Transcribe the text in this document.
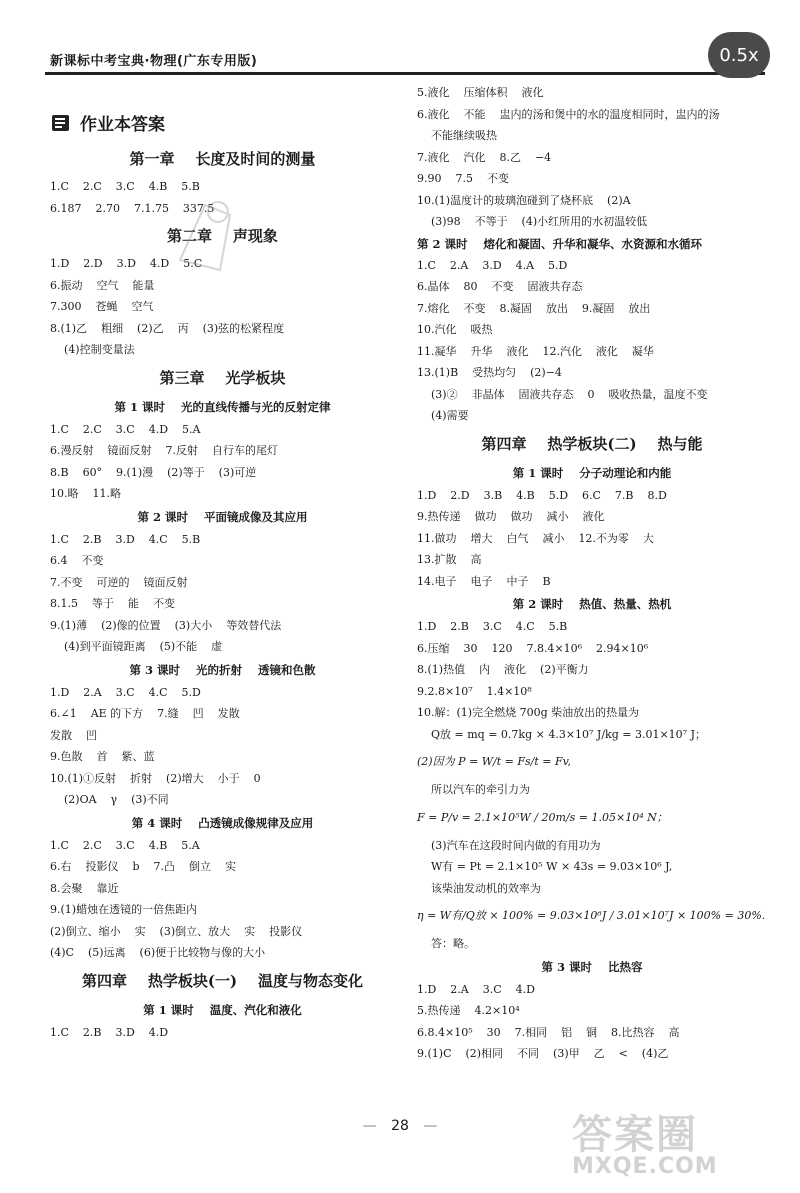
新课标中考宝典·物理(广东专用版)	0.5x
作业本答案
第一章    长度及时间的测量
1.C    2.C    3.C    4.B    5.B
6.187    2.70    7.1.75    337.5
第二章    声现象
1.D    2.D    3.D    4.D    5.C
6.振动    空气    能量
7.300    苍蝇    空气
8.(1)乙    粗细    (2)乙    丙    (3)弦的松紧程度
(4)控制变量法
第三章    光学板块
第 1 课时    光的直线传播与光的反射定律
1.C    2.C    3.C    4.D    5.A
6.漫反射    镜面反射    7.反射    自行车的尾灯
8.B    60°    9.(1)漫    (2)等于    (3)可逆
10.略    11.略
第 2 课时    平面镜成像及其应用
1.C    2.B    3.D    4.C    5.B
6.4    不变
7.不变    可逆的    镜面反射
8.1.5    等于    能    不变
9.(1)薄    (2)像的位置    (3)大小    等效替代法
(4)到平面镜距离    (5)不能    虚
第 3 课时    光的折射    透镜和色散
1.D    2.A    3.C    4.C    5.D
6.∠1    AE 的下方    7.缝    凹    发散
发散    凹
9.色散    首    紫、蓝
10.(1)①反射    折射    (2)增大    小于    0
(2)OA    γ    (3)不同
第 4 课时    凸透镜成像规律及应用
1.C    2.C    3.C    4.B    5.A
6.右    投影仪    b    7.凸    倒立    实
8.会聚    靠近
9.(1)蜡烛在透镜的一倍焦距内
(2)倒立、缩小    实    (3)倒立、放大    实    投影仪
(4)C    (5)远离    (6)便于比较物与像的大小
第四章    热学板块(一)    温度与物态变化
第 1 课时    温度、汽化和液化
1.C    2.B    3.D    4.D
5.液化    压缩体积    液化
6.液化    不能    盅内的汤和煲中的水的温度相同时，盅内的汤
不能继续吸热
7.液化    汽化    8.乙    −4
9.90    7.5    不变
10.(1)温度计的玻璃泡碰到了烧杯底    (2)A
(3)98    不等于    (4)小红所用的水初温较低
第 2 课时    熔化和凝固、升华和凝华、水资源和水循环
1.C    2.A    3.D    4.A    5.D
6.晶体    80    不变    固液共存态
7.熔化    不变    8.凝固    放出    9.凝固    放出
10.汽化    吸热
11.凝华    升华    液化    12.汽化    液化    凝华
13.(1)B    受热均匀    (2)−4
(3)②    非晶体    固液共存态    0    吸收热量，温度不变
(4)需要
第四章    热学板块(二)    热与能
第 1 课时    分子动理论和内能
1.D    2.D    3.B    4.B    5.D    6.C    7.B    8.D
9.热传递    做功    做功    减小    液化
11.做功    增大    白气    减小    12.不为零    大
13.扩散    高
14.电子    电子    中子    B
第 2 课时    热值、热量、热机
1.D    2.B    3.C    4.C    5.B
6.压缩    30    120    7.8.4×10⁶    2.94×10⁶
8.(1)热值    内    液化    (2)平衡力
9.2.8×10⁷    1.4×10⁸
10.解：(1)完全燃烧 700g 柴油放出的热量为
Q放 = mq = 0.7kg × 4.3×10⁷ J/kg = 3.01×10⁷ J；
(2)因为 P = W/t = Fs/t = Fv,
所以汽车的牵引力为
F = P/v = 2.1×10⁵W / 20m/s = 1.05×10⁴ N；
(3)汽车在这段时间内做的有用功为
W有 = Pt = 2.1×10⁵ W × 43s = 9.03×10⁶ J,
该柴油发动机的效率为
η = W有/Q放 × 100% = 9.03×10⁶J / 3.01×10⁷J × 100% = 30%.
答：略。
第 3 课时    比热容
1.D    2.A    3.C    4.D
5.热传递    4.2×10⁴
6.8.4×10⁵    30    7.相同    铝    铜    8.比热容    高
9.(1)C    (2)相同    不同    (3)甲    乙    <    (4)乙
— 28 —	答案圈
MXQE.COM
